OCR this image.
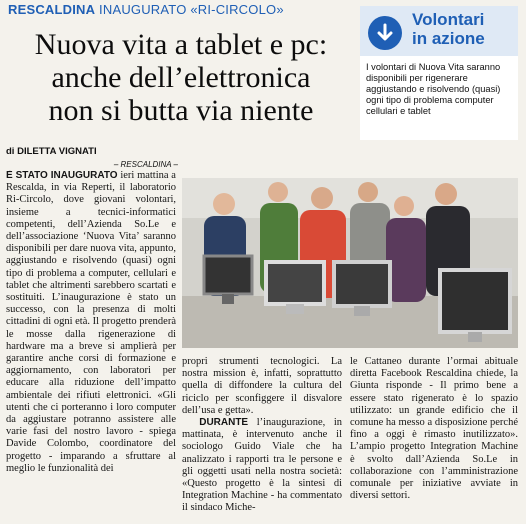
RESCALDINA INAUGURATO «RI-CIRCOLO»
Nuova vita a tablet e pc:
anche dell’elettronica
non si butta via niente
di DILETTA VIGNATI
– RESCALDINA –
Volontari
in azione
I volontari di Nuova Vita saranno disponibili per rigenerare aggiustando e risolvendo (quasi) ogni tipo di problema computer cellulari e tablet
È STATO INAUGURATO ieri mattina a Rescalda, in via Reperti, il laboratorio Ri-Circolo, dove giovani volontari, insieme a tecnici-informatici competenti, dell’Azienda So.Le e dell’associazione ‘Nuova Vita’ saranno disponibili per dare nuova vita, appunto, aggiustando e risolvendo (quasi) ogni tipo di problema a computer, cellulari e tablet che altrimenti sarebbero scartati e sostituiti. L’inaugurazione è stato un successo, con la presenza di molti cittadini di ogni età. Il progetto prenderà le mosse dalla rigenerazione di hardware ma a breve si amplierà per garantire anche corsi di formazione e aggiornamento, con laboratori per educare alla riduzione dell’impatto ambientale dei rifiuti elettronici. «Gli utenti che ci porteranno i loro computer da aggiustare potranno assistere alle varie fasi del nostro lavoro - spiega Davide Colombo, coordinatore del progetto - imparando a sfruttare al meglio le funzionalità dei
propri strumenti tecnologici. La nostra mission è, infatti, soprattutto quella di diffondere la cultura del riciclo per sconfiggere il disvalore dell’usa e getta».
DURANTE l’inaugurazione, in mattinata, è intervenuto anche il sociologo Guido Viale che ha analizzato i rapporti tra le persone e gli oggetti usati nella nostra società: «Questo progetto è la sintesi di Integration Machine - ha commentato il sindaco Miche-
le Cattaneo durante l’ormai abituale diretta Facebook Rescaldina chiede, la Giunta risponde - Il primo bene a essere stato rigenerato è lo spazio utilizzato: un grande edificio che il comune ha messo a disposizione perché fino a oggi è rimasto inutilizzato». L’ampio progetto Integration Machine è svolto dall’Azienda So.Le in collaborazione con l’amministrazione comunale per iniziative avviate in diversi settori.
